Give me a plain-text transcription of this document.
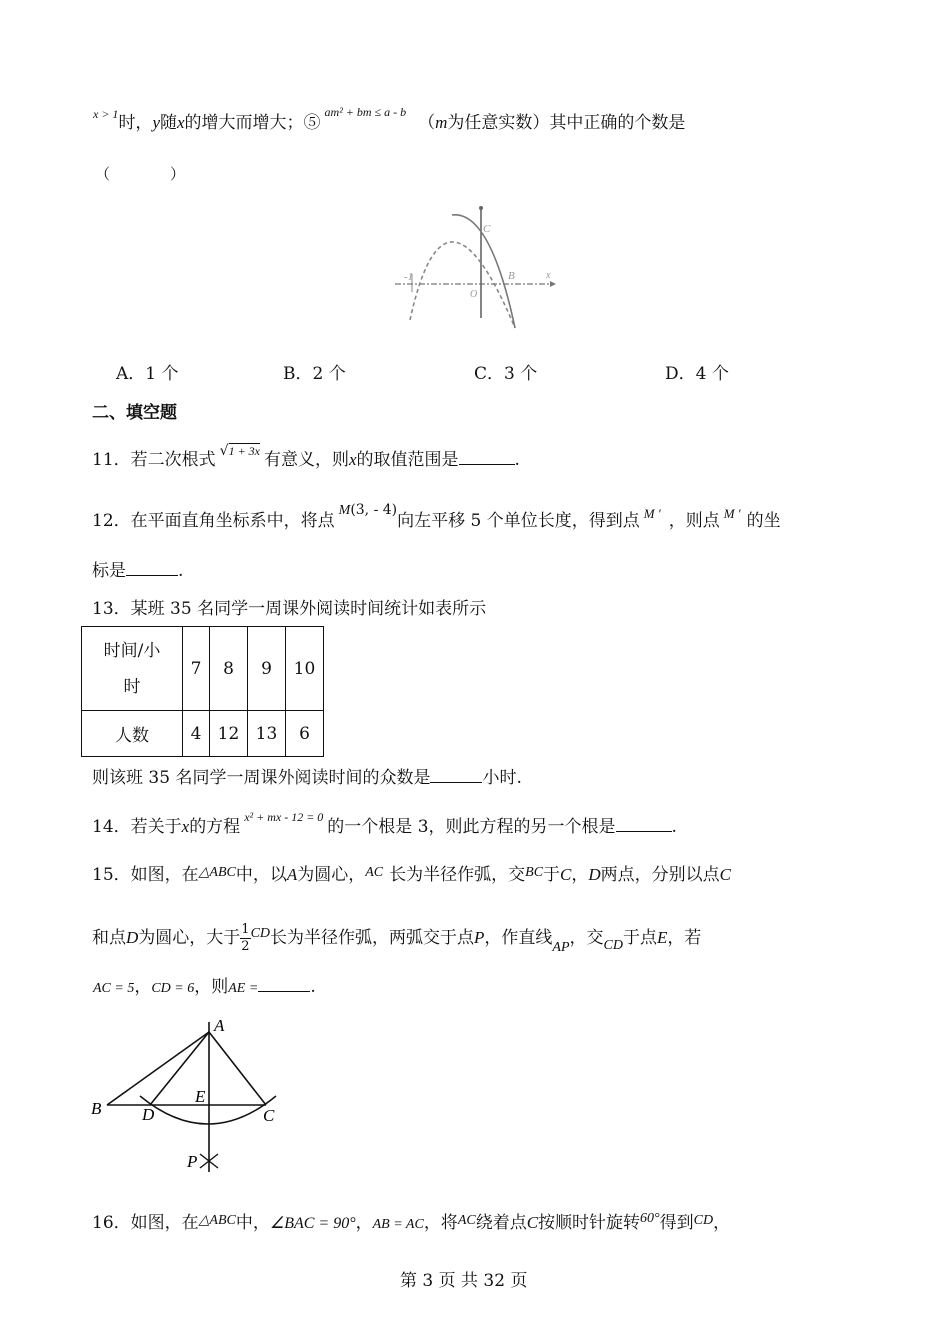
$^{x > 1}$时，y随x的增大而增大；⑤$^{am^2 + bm \le a - b}$（m为任意实数）其中正确的个数是
（　　　　）
-1
C
B
O
x
A．1 个	B．2 个	C．3 个	D．4 个
二、填空题
11．若二次根式 √1 + 3x 有意义，则x的取值范围是	.
12．在平面直角坐标系中，将点$^{M(3, - 4)}$向左平移 5 个单位长度，得到点 $^{M '}$ ，则点 $^{M '}$ 的坐
标是	.
13．某班 35 名同学一周课外阅读时间统计如表所示
时间/小
时	7	8	9	10
人数	4	12	13	6
则该班 35 名同学一周课外阅读时间的众数是	小时.
14．若关于x的方程 $^{x^2 + mx - 12 = 0}$ 的一个根是 3，则此方程的另一个根是	.
15．如图，在$^{\triangle ABC}$中，以A为圆心，$^{AC}$ 长为半径作弧，交$^{BC}$于C，D两点，分别以点C
和点D为圆心，大于 $\frac{1}{2} ^{CD}$长为半径作弧，两弧交于点P，作直线$_{AP}$，交$_{CD}$于点E，若
AC = 5，CD = 6，则AE =	.
A
B	C
D
E
P
16．如图，在$^{\triangle ABC}$中，∠BAC = 90°，AB = AC，将$^{AC}$绕着点C按顺时针旋转$^{60^\circ}$得到$^{CD}$，
第 3 页 共 32 页
